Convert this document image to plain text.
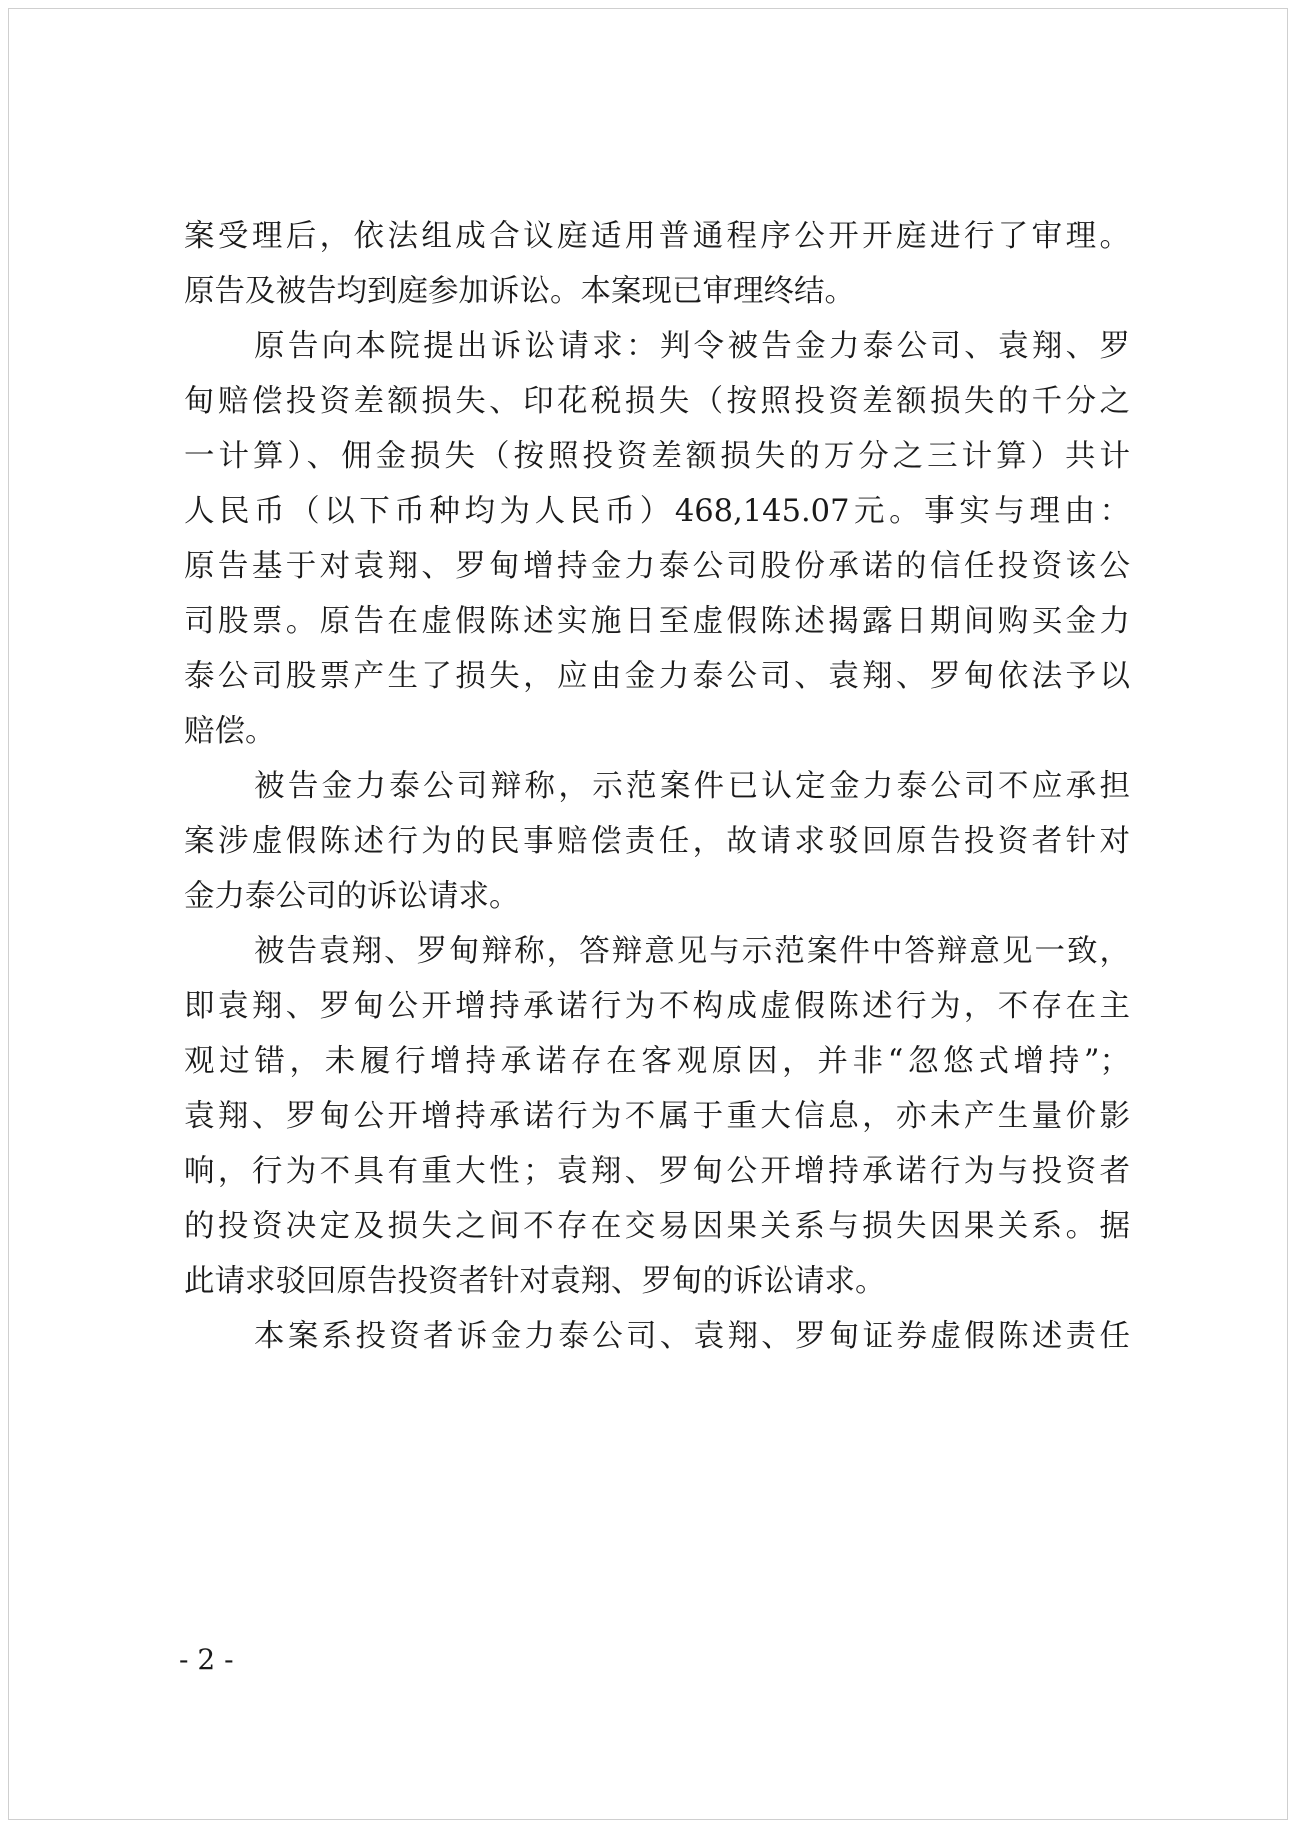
案受理后，依法组成合议庭适用普通程序公开开庭进行了审理。
原告及被告均到庭参加诉讼。本案现已审理终结。
原告向本院提出诉讼请求：判令被告金力泰公司、袁翔、罗
甸赔偿投资差额损失、印花税损失（按照投资差额损失的千分之
一计算）、佣金损失（按照投资差额损失的万分之三计算）共计
人民币（以下币种均为人民币）468,145.07元。事实与理由：
原告基于对袁翔、罗甸增持金力泰公司股份承诺的信任投资该公
司股票。原告在虚假陈述实施日至虚假陈述揭露日期间购买金力
泰公司股票产生了损失，应由金力泰公司、袁翔、罗甸依法予以
赔偿。
被告金力泰公司辩称，示范案件已认定金力泰公司不应承担
案涉虚假陈述行为的民事赔偿责任，故请求驳回原告投资者针对
金力泰公司的诉讼请求。
被告袁翔、罗甸辩称，答辩意见与示范案件中答辩意见一致，
即袁翔、罗甸公开增持承诺行为不构成虚假陈述行为，不存在主
观过错，未履行增持承诺存在客观原因，并非“忽悠式增持”；
袁翔、罗甸公开增持承诺行为不属于重大信息，亦未产生量价影
响，行为不具有重大性；袁翔、罗甸公开增持承诺行为与投资者
的投资决定及损失之间不存在交易因果关系与损失因果关系。据
此请求驳回原告投资者针对袁翔、罗甸的诉讼请求。
本案系投资者诉金力泰公司、袁翔、罗甸证券虚假陈述责任
- 2 -
